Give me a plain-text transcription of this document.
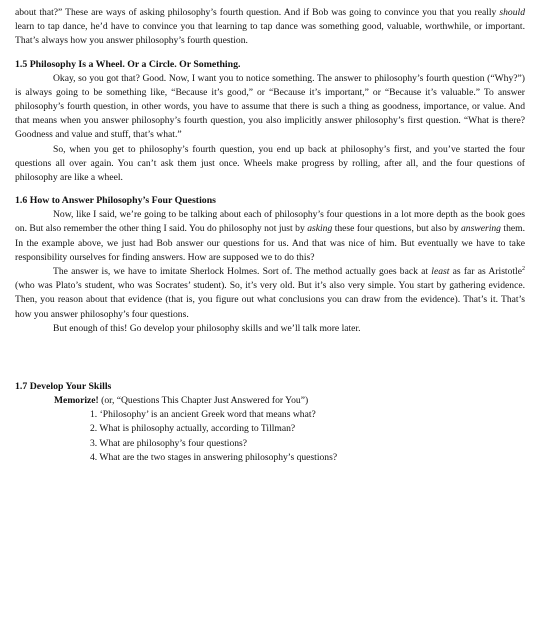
about that?” These are ways of asking philosophy’s fourth question. And if Bob was going to convince you that you really should learn to tap dance, he’d have to convince you that learning to tap dance was something good, valuable, worthwhile, or important. That’s always how you answer philosophy’s fourth question.

1.5 Philosophy Is a Wheel. Or a Circle. Or Something.

Okay, so you got that? Good. Now, I want you to notice something. The answer to philosophy’s fourth question (“Why?”) is always going to be something like, “Because it’s good,” or “Because it’s important,” or “Because it’s valuable.” To answer philosophy’s fourth question, in other words, you have to assume that there is such a thing as goodness, importance, or value. And that means when you answer philosophy’s fourth question, you also implicitly answer philosophy’s first question. “What is there? Goodness and value and stuff, that’s what.”

So, when you get to philosophy’s fourth question, you end up back at philosophy’s first, and you’ve started the four questions all over again. You can’t ask them just once. Wheels make progress by rolling, after all, and the four questions of philosophy are like a wheel.

1.6 How to Answer Philosophy’s Four Questions

Now, like I said, we’re going to be talking about each of philosophy’s four questions in a lot more depth as the book goes on. But also remember the other thing I said. You do philosophy not just by asking these four questions, but also by answering them. In the example above, we just had Bob answer our questions for us. And that was nice of him. But eventually we have to take responsibility ourselves for finding answers. How are supposed we to do this?

The answer is, we have to imitate Sherlock Holmes. Sort of. The method actually goes back at least as far as Aristotle$^2$ (who was Plato’s student, who was Socrates’ student). So, it’s very old. But it’s also very simple. You start by gathering evidence. Then, you reason about that evidence (that is, you figure out what conclusions you can draw from the evidence). That’s it. That’s how you answer philosophy’s four questions.

But enough of this! Go develop your philosophy skills and we’ll talk more later.

1.7 Develop Your Skills

Memorize! (or, “Questions This Chapter Just Answered for You”)

1. ‘Philosophy’ is an ancient Greek word that means what?
2. What is philosophy actually, according to Tillman?
3. What are philosophy’s four questions?
4. What are the two stages in answering philosophy’s questions?
